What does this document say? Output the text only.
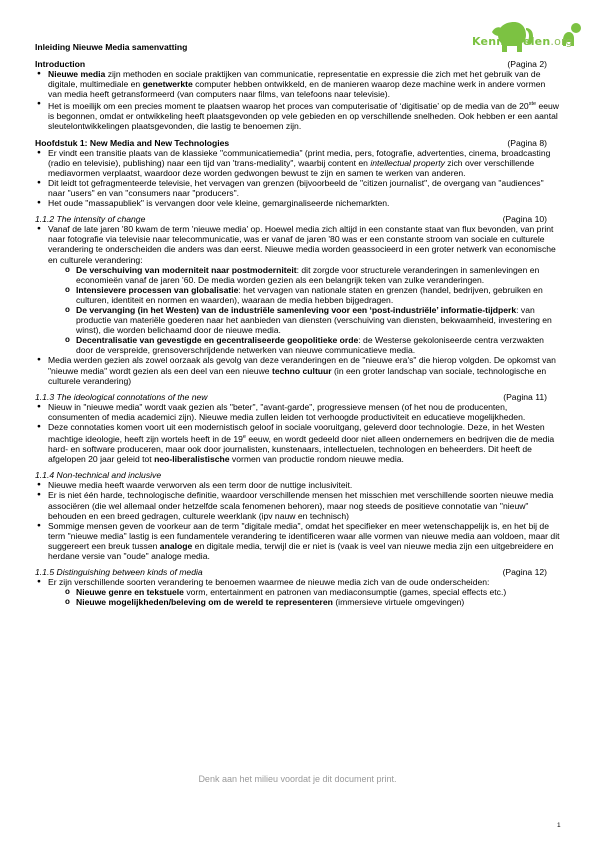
Kennisdelen.org
Inleiding Nieuwe Media samenvatting
Introduction	(Pagina 2)
● Nieuwe media zijn methoden en sociale praktijken van communicatie, representatie en expressie die zich met het gebruik van de digitale, multimediale en genetwerkte computer hebben ontwikkeld, en de manieren waarop deze machine werk in andere vormen van media heeft getransformeerd (van computers naar films, van telefoons naar televisie).
● Het is moeilijk om een precies moment te plaatsen waarop het proces van computerisatie of ‘digitisatie’ op de media van de 20ste eeuw is begonnen, omdat er ontwikkeling heeft plaatsgevonden op vele gebieden en op verschillende snelheden. Ook hebben er een aantal sleutelontwikkelingen plaatsgevonden, die lastig te benoemen zijn.
Hoofdstuk 1: New Media and New Technologies	(Pagina 8)
● Er vindt een transitie plaats van de klassieke "communicatiemedia" (print media, pers, fotografie, advertenties, cinema, broadcasting (radio en televisie), publishing) naar een tijd van 'trans-mediality", waarbij content en intellectual property zich over verschillende mediavormen verplaatst, waardoor deze worden gedwongen bewust te zijn en samen te werken van anderen.
● Dit leidt tot gefragmenteerde televisie, het vervagen van grenzen (bijvoorbeeld de "citizen journalist", de overgang van "audiences" naar "users" en van "consumers naar "producers".
● Het oude "massapubliek" is vervangen door vele kleine, gemarginaliseerde nichemarkten.
1.1.2 The intensity of change	(Pagina 10)
● Vanaf de late jaren '80 kwam de term 'nieuwe media' op. Hoewel media zich altijd in een constante staat van flux bevonden, van print naar fotografie via televisie naar telecommunicatie, was er vanaf de jaren '80 was er een constante stroom van sociale en culturele verandering te onderscheiden die anders was dan eerst. Nieuwe media worden geassocieerd in een groter netwerk van economische en culturele verandering:
o De verschuiving van moderniteit naar postmoderniteit: dit zorgde voor structurele veranderingen in samenlevingen en economieën vanaf de jaren '60. De media worden gezien als een belangrijk teken van zulke veranderingen.
o Intensievere processen van globalisatie: het vervagen van nationale staten en grenzen (handel, bedrijven, gebruiken en culturen, identiteit en normen en waarden), waaraan de media hebben bijgedragen.
o De vervanging (in het Westen) van de industriële samenleving voor een ‘post-industriële’ informatie-tijdperk: van productie van materiële goederen naar het aanbieden van diensten (verschuiving van diensten, bekwaamheid, investering en winst), die worden belichaamd door de nieuwe media.
o Decentralisatie van gevestigde en gecentraliseerde geopolitieke orde: de Westerse gekoloniseerde centra verzwakten door de verspreide, grensoverschrijdende netwerken van nieuwe communicatieve media.
● Media werden gezien als zowel oorzaak als gevolg van deze veranderingen en de "nieuwe era's" die hierop volgden. De opkomst van "nieuwe media" wordt gezien als een deel van een nieuwe techno cultuur (in een groter landschap van sociale, technologische en culturele verandering)
1.1.3 The ideological connotations of the new	(Pagina 11)
● Nieuw in "nieuwe media" wordt vaak gezien als "beter", "avant-garde", progressieve mensen (of het nou de producenten, consumenten of media academici zijn). Nieuwe media zullen leiden tot verhoogde productiviteit en educatieve mogelijkheden.
● Deze connotaties komen voort uit een modernistisch geloof in sociale vooruitgang, geleverd door technologie. Deze, in het Westen machtige ideologie, heeft zijn wortels heeft in de 19e eeuw, en wordt gedeeld door niet alleen ondernemers en bedrijven die de media hard- en software produceren, maar ook door journalisten, kunstenaars, intellectuelen, technologen en beheerders. Dit heeft de afgelopen 20 jaar geleid tot neo-liberalistische vormen van productie rondom nieuwe media.
1.1.4 Non-technical and inclusive
● Nieuwe media heeft waarde verworven als een term door de nuttige inclusiviteit.
● Er is niet één harde, technologische definitie, waardoor verschillende mensen het misschien met verschillende soorten nieuwe media associëren (die wel allemaal onder hetzelfde scala fenomenen behoren), maar nog steeds de positieve connotatie van "nieuw" behouden en een breed gedragen, culturele weerklank (ipv nauw en technisch)
● Sommige mensen geven de voorkeur aan de term "digitale media", omdat het specifieker en meer wetenschappelijk is, en het bij de term "nieuwe media" lastig is een fundamentele verandering te identificeren waar alle vormen van nieuwe media aan voldoen, maar dit suggereert een breuk tussen analoge en digitale media, terwijl die er niet is (vaak is veel van nieuwe media zijn een uitgebreidere en herdane versie van "oude" analoge media.
1.1.5 Distinguishing between kinds of media	(Pagina 12)
● Er zijn verschillende soorten verandering te benoemen waarmee de nieuwe media zich van de oude onderscheiden:
o Nieuwe genre en tekstuele vorm, entertainment en patronen van mediaconsumptie (games, special effects etc.)
o Nieuwe mogelijkheden/beleving om de wereld te representeren (immersieve virtuele omgevingen)
Denk aan het milieu voordat je dit document print.
1
